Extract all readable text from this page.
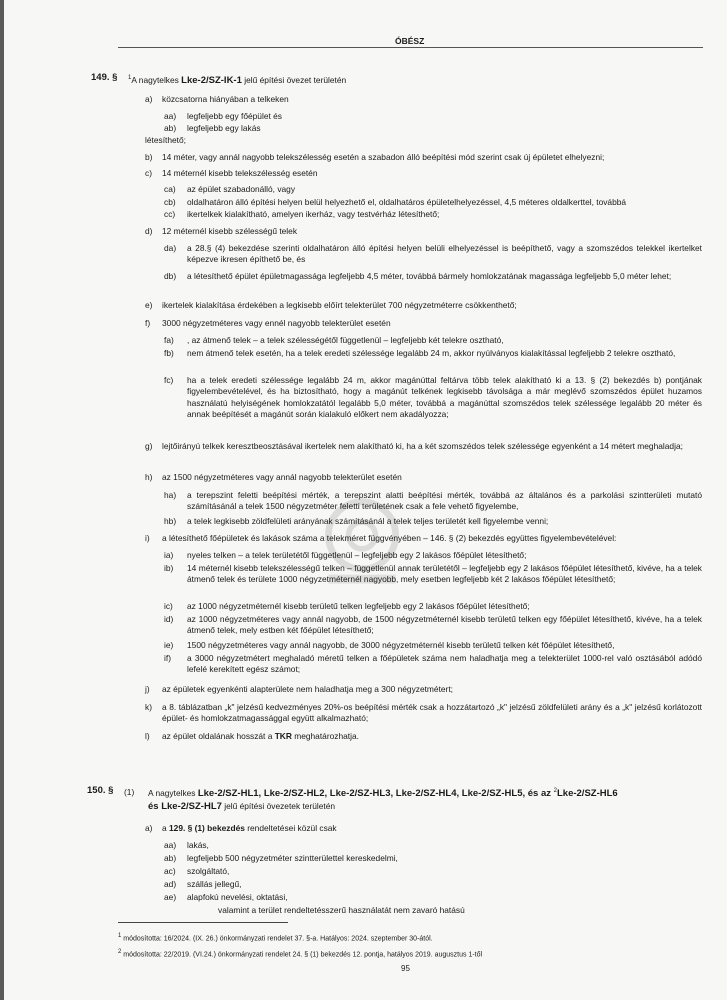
ÓBÉSZ
149. § $^1$A nagytelkes Lke-2/SZ-IK-1 jelű építési övezet területén
a) közcsatorna hiányában a telkeken
aa) legfeljebb egy főépület és
ab) legfeljebb egy lakás
létesíthető;
b) 14 méter, vagy annál nagyobb telekszélesség esetén a szabadon álló beépítési mód szerint csak új épületet elhelyezni;
c) 14 méternél kisebb telekszélesség esetén
ca) az épület szabadonálló, vagy
cb) oldalhatáron álló építési helyen belül helyezhető el, oldalhatáros épületelhelyezéssel, 4,5 méteres oldalkerttel, továbbá
cc) ikertelkek kialakítható, amelyen ikerház, vagy testvérház létesíthető;
d) 12 méternél kisebb szélességű telek
da) a 28.§ (4) bekezdése szerinti oldalhatáron álló építési helyen belüli elhelyezéssel is beépíthető, vagy a szomszédos telekkel ikertelket képezve ikresen építhető be, és
db) a létesíthető épület épületmagassága legfeljebb 4,5 méter, továbbá bármely homlokzatának magassága legfeljebb 5,0 méter lehet;
e) ikertelek kialakítása érdekében a legkisebb előírt telekterület 700 négyzetméterre csökkenthető;
f) 3000 négyzetméteres vagy ennél nagyobb telekterület esetén
fa) , az átmenő telek – a telek szélességétől függetlenül – legfeljebb két telekre osztható,
fb) nem átmenő telek esetén, ha a telek eredeti szélessége legalább 24 m, akkor nyúlványos kialakítással legfeljebb 2 telekre osztható,
fc) ha a telek eredeti szélessége legalább 24 m, akkor magánúttal feltárva több telek alakítható ki a 13. § (2) bekezdés b) pontjának figyelembevételével, és ha biztosítható, hogy a magánút telkének legkisebb távolsága a már meglévő szomszédos épület huzamos használatú helyiségének homlokzatától legalább 5,0 méter, továbbá a magánúttal szomszédos telek szélessége legalább 20 méter és annak beépítését a magánút során kialakuló előkert nem akadályozza;
g) lejtőirányú telkek keresztbeosztásával ikertelek nem alakítható ki, ha a két szomszédos telek szélessége egyenként a 14 métert meghaladja;
h) az 1500 négyzetméteres vagy annál nagyobb telekterület esetén
ha) a terepszint feletti beépítési mérték, a terepszint alatti beépítési mérték, továbbá az általános és a parkolási szintterületi mutató számításánál a telek 1500 négyzetméter feletti területének csak a fele vehető figyelembe,
hb) a telek legkisebb zöldfelületi arányának számításánál a telek teljes területét kell figyelembe venni;
i) a létesíthető főépületek és lakások száma a telekméret függvényében – 146. § (2) bekezdés együttes figyelembevételével:
ia) nyeles telken – a telek területétől függetlenül – legfeljebb egy 2 lakásos főépület létesíthető;
ib) 14 méternél kisebb telekszélességű telken – függetlenül annak területétől – legfeljebb egy 2 lakásos főépület létesíthető, kivéve, ha a telek átmenő telek és területe 1000 négyzetméternél nagyobb, mely esetben legfeljebb két 2 lakásos főépület létesíthető;
ic) az 1000 négyzetméternél kisebb területű telken legfeljebb egy 2 lakásos főépület létesíthető;
id) az 1000 négyzetméteres vagy annál nagyobb, de 1500 négyzetméternél kisebb területű telken egy főépület létesíthető, kivéve, ha a telek átmenő telek, mely estben két főépület létesíthető;
ie) 1500 négyzetméteres vagy annál nagyobb, de 3000 négyzetméternél kisebb területű telken két főépület létesíthető,
if) a 3000 négyzetmétert meghaladó méretű telken a főépületek száma nem haladhatja meg a telekterület 1000-rel való osztásából adódó lefelé kerekített egész számot;
j) az épületek egyenkénti alapterülete nem haladhatja meg a 300 négyzetmétert;
k) a 8. táblázatban „k" jelzésű kedvezményes 20%-os beépítési mérték csak a hozzátartozó „k" jelzésű zöldfelületi arány és a „k" jelzésű korlátozott épület- és homlokzatmagassággal együtt alkalmazható;
l) az épület oldalának hosszát a TKR meghatározhatja.
150. § (1) A nagytelkes Lke-2/SZ-HL1, Lke-2/SZ-HL2, Lke-2/SZ-HL3, Lke-2/SZ-HL4, Lke-2/SZ-HL5, és az $^2$Lke-2/SZ-HL6
és Lke-2/SZ-HL7 jelű építési övezetek területén
a) a 129. § (1) bekezdés rendeltetései közül csak
aa) lakás,
ab) legfeljebb 500 négyzetméter szintterülettel kereskedelmi,
ac) szolgáltató,
ad) szállás jellegű,
ae) alapfokú nevelési, oktatási,
valamint a terület rendeltetésszerű használatát nem zavaró hatású
1 módosította: 16/2024. (IX. 26.) önkormányzati rendelet 37. §-a. Hatályos: 2024. szeptember 30-ától.
2 módosította: 22/2019. (VI.24.) önkormányzati rendelet 24. § (1) bekezdés 12. pontja, hatályos 2019. augusztus 1-től
95
